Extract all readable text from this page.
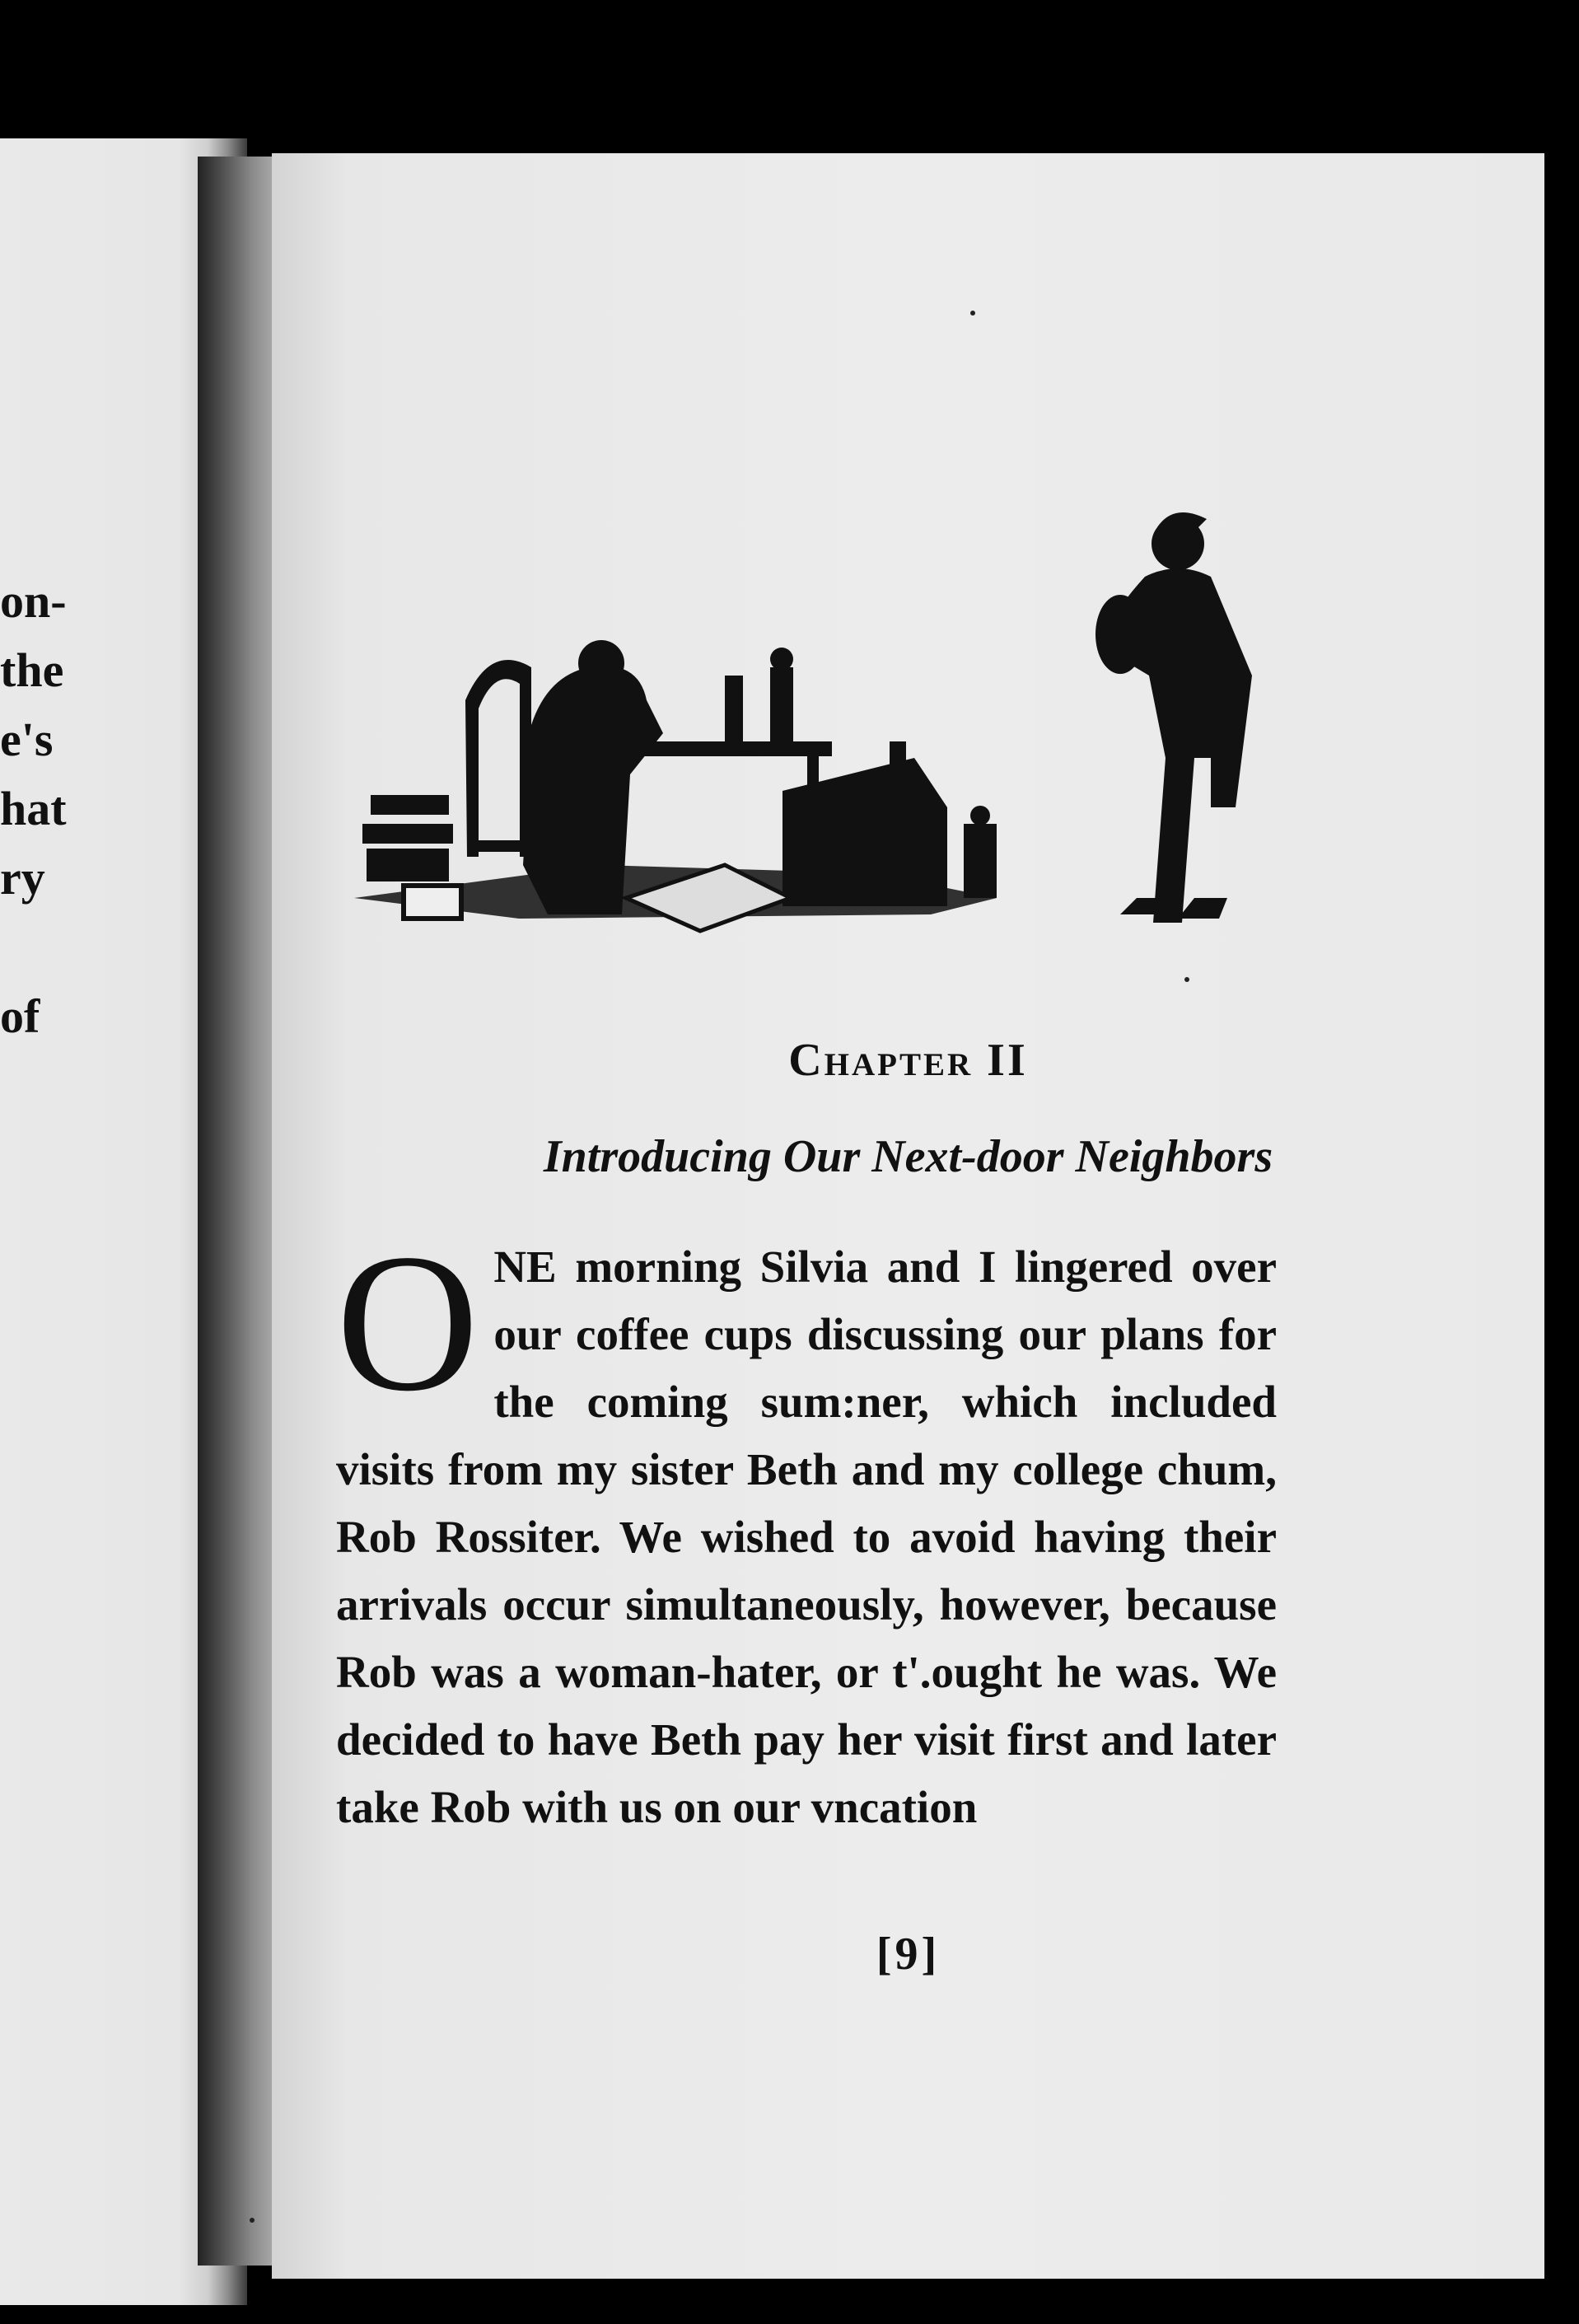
on-
the
e's
hat
ry
of
Chapter II
Introducing Our Next-door Neighbors
O NE morning Silvia and I lingered over our coffee cups discussing our plans for the coming sum:ner, which included visits from my sister Beth and my college chum, Rob Rossiter. We wished to avoid having their arrivals occur simultaneously, however, because Rob was a woman-hater, or t'.ought he was. We decided to have Beth pay her visit first and later take Rob with us on our vncation
[9]
